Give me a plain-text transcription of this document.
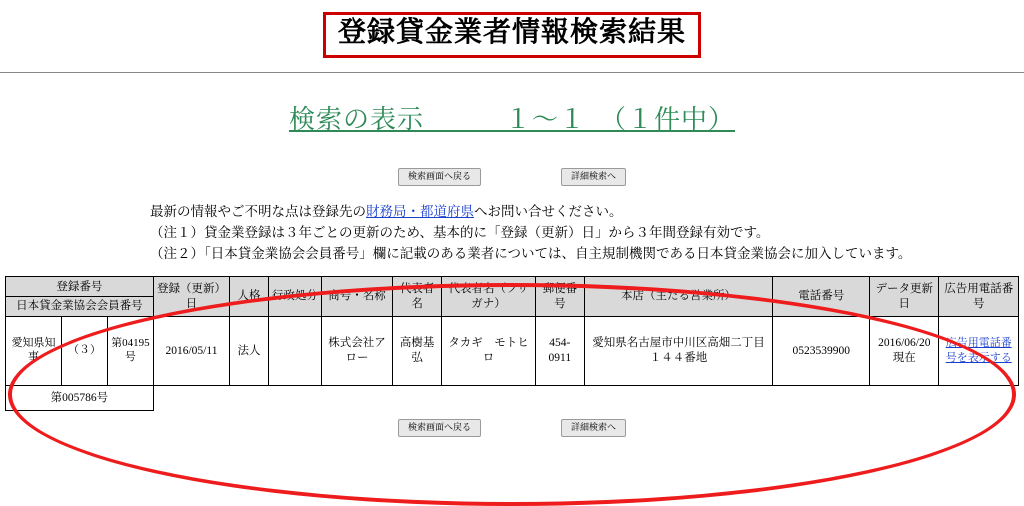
登録貸金業者情報検索結果
検索の表示　　　１〜１　（１件中）
検索画面へ戻る	詳細検索へ
最新の情報やご不明な点は登録先の財務局・都道府県へお問い合せください。
（注１）貸金業登録は３年ごとの更新のため、基本的に「登録（更新）日」から３年間登録有効です。
（注２）「日本貸金業協会会員番号」欄に記載のある業者については、自主規制機関である日本貸金業協会に加入しています。
登録番号			登録（更新）日	人格	行政処分	商号・名称	代表者名	代表者名（フリガナ）	郵便番号	本店（主たる営業所）	電話番号	データ更新日	広告用電話番号
日本貸金業協会会員番号													
愛知県知事	（３）	第04195号	2016/05/11	法人		株式会社アロー	高樹基弘	タカギ　モトヒロ	454-0911	愛知県名古屋市中川区高畑二丁目１４４番地	0523539900	2016/06/20現在	広告用電話番号を表示する
第005786号													
検索画面へ戻る	詳細検索へ
